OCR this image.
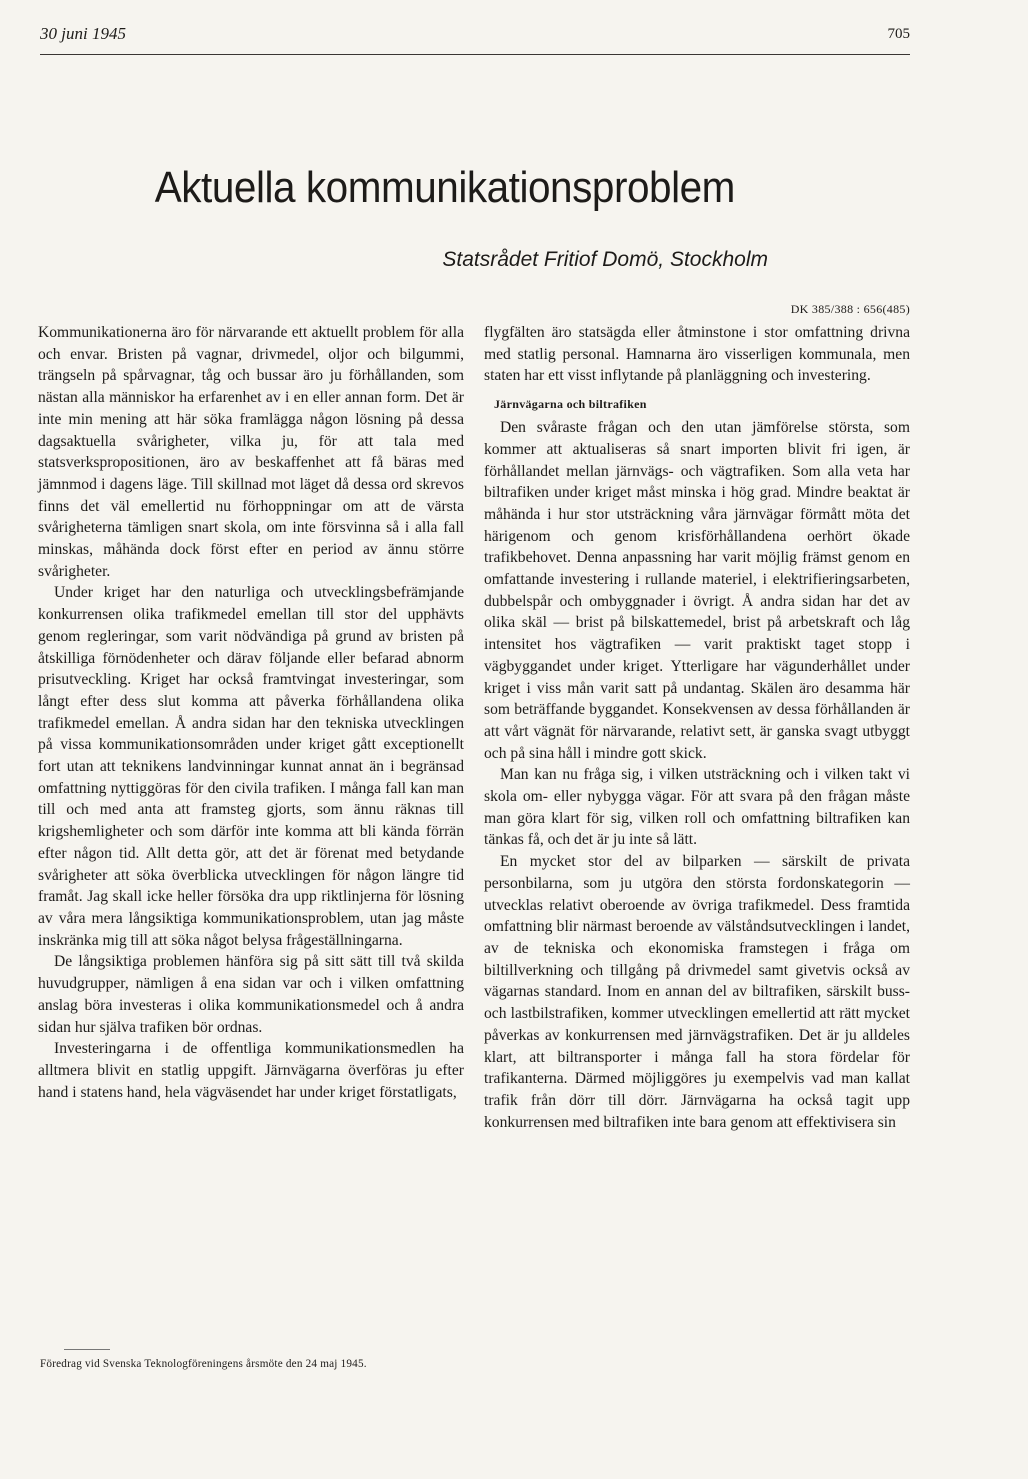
30 juni 1945	705
Aktuella kommunikationsproblem
Statsrådet Fritiof Domö, Stockholm
DK 385/388 : 656(485)

Kommunikationerna äro för närvarande ett aktuellt problem för alla och envar. Bristen på vagnar, drivmedel, oljor och bilgummi, trängseln på spårvagnar, tåg och bussar äro ju förhållanden, som nästan alla människor ha erfarenhet av i en eller annan form. Det är inte min mening att här söka framlägga någon lösning på dessa dagsaktuella svårigheter, vilka ju, för att tala med statsverkspropositionen, äro av beskaffenhet att få bäras med jämnmod i dagens läge. Till skillnad mot läget då dessa ord skrevos finns det väl emellertid nu förhoppningar om att de värsta svårigheterna tämligen snart skola, om inte försvinna så i alla fall minskas, måhända dock först efter en period av ännu större svårigheter.

Under kriget har den naturliga och utvecklingsbefrämjande konkurrensen olika trafikmedel emellan till stor del upphävts genom regleringar, som varit nödvändiga på grund av bristen på åtskilliga förnödenheter och därav följande eller befarad abnorm prisutveckling. Kriget har också framtvingat investeringar, som långt efter dess slut komma att påverka förhållandena olika trafikmedel emellan. Å andra sidan har den tekniska utvecklingen på vissa kommunikationsområden under kriget gått exceptionellt fort utan att teknikens landvinningar kunnat annat än i begränsad omfattning nyttiggöras för den civila trafiken. I många fall kan man till och med anta att framsteg gjorts, som ännu räknas till krigshemligheter och som därför inte komma att bli kända förrän efter någon tid. Allt detta gör, att det är förenat med betydande svårigheter att söka överblicka utvecklingen för någon längre tid framåt. Jag skall icke heller försöka dra upp riktlinjerna för lösning av våra mera långsiktiga kommunikationsproblem, utan jag måste inskränka mig till att söka något belysa frågeställningarna.

De långsiktiga problemen hänföra sig på sitt sätt till två skilda huvudgrupper, nämligen å ena sidan var och i vilken omfattning anslag böra investeras i olika kommunikationsmedel och å andra sidan hur själva trafiken bör ordnas.

Investeringarna i de offentliga kommunikationsmedlen ha alltmera blivit en statlig uppgift. Järnvägarna överföras ju efter hand i statens hand, hela vägväsendet har under kriget förstatligats,

flygfälten äro statsägda eller åtminstone i stor omfattning drivna med statlig personal. Hamnarna äro visserligen kommunala, men staten har ett visst inflytande på planläggning och investering.

Järnvägarna och biltrafiken

Den svåraste frågan och den utan jämförelse största, som kommer att aktualiseras så snart importen blivit fri igen, är förhållandet mellan järnvägs- och vägtrafiken. Som alla veta har biltrafiken under kriget måst minska i hög grad. Mindre beaktat är måhända i hur stor utsträckning våra järnvägar förmått möta det härigenom och genom krisförhållandena oerhört ökade trafikbehovet. Denna anpassning har varit möjlig främst genom en omfattande investering i rullande materiel, i elektrifieringsarbeten, dubbelspår och ombyggnader i övrigt. Å andra sidan har det av olika skäl — brist på bilskattemedel, brist på arbetskraft och låg intensitet hos vägtrafiken — varit praktiskt taget stopp i vägbyggandet under kriget. Ytterligare har vägunderhållet under kriget i viss mån varit satt på undantag. Skälen äro desamma här som beträffande byggandet. Konsekvensen av dessa förhållanden är att vårt vägnät för närvarande, relativt sett, är ganska svagt utbyggt och på sina håll i mindre gott skick.

Man kan nu fråga sig, i vilken utsträckning och i vilken takt vi skola om- eller nybygga vägar. För att svara på den frågan måste man göra klart för sig, vilken roll och omfattning biltrafiken kan tänkas få, och det är ju inte så lätt.

En mycket stor del av bilparken — särskilt de privata personbilarna, som ju utgöra den största fordonskategorin — utvecklas relativt oberoende av övriga trafikmedel. Dess framtida omfattning blir närmast beroende av välståndsutvecklingen i landet, av de tekniska och ekonomiska framstegen i fråga om biltillverkning och tillgång på drivmedel samt givetvis också av vägarnas standard. Inom en annan del av biltrafiken, särskilt buss- och lastbilstrafiken, kommer utvecklingen emellertid att rätt mycket påverkas av konkurrensen med järnvägstrafiken. Det är ju alldeles klart, att biltransporter i många fall ha stora fördelar för trafikanterna. Därmed möjliggöres ju exempelvis vad man kallat trafik från dörr till dörr. Järnvägarna ha också tagit upp konkurrensen med biltrafiken inte bara genom att effektivisera sin

Föredrag vid Svenska Teknologföreningens årsmöte den 24 maj 1945.
